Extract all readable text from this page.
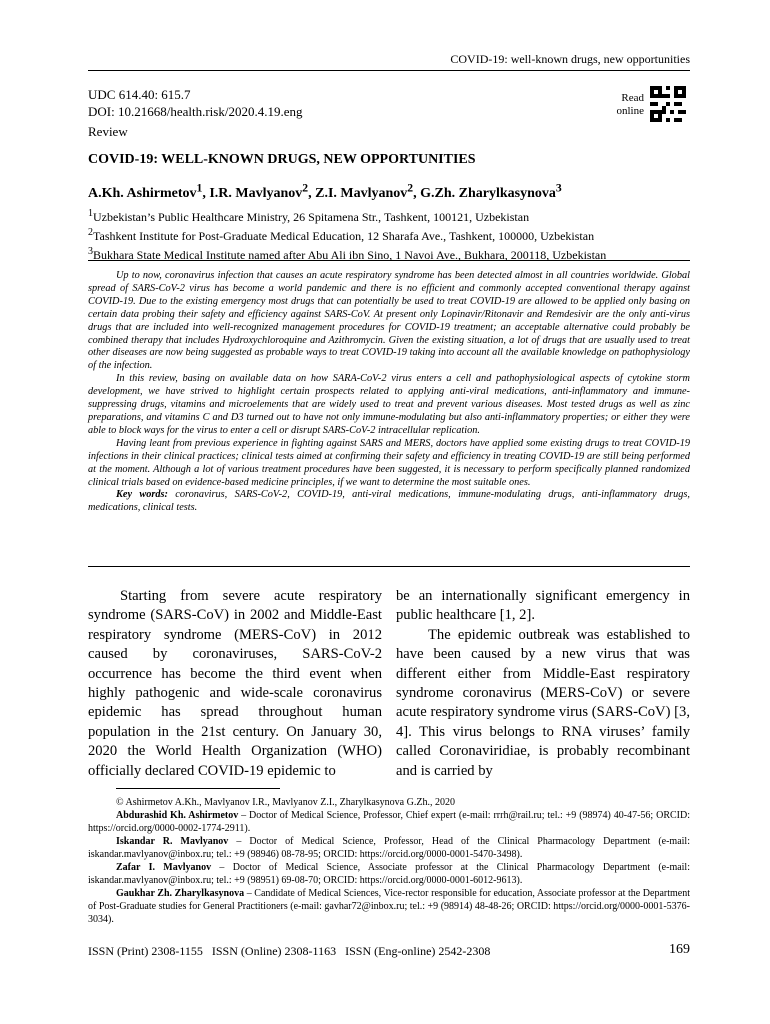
COVID-19: well-known drugs, new opportunities
UDC 614.40: 615.7
DOI: 10.21668/health.risk/2020.4.19.eng
Read online
Review
COVID-19: WELL-KNOWN DRUGS, NEW OPPORTUNITIES
A.Kh. Ashirmetov$^1$, I.R. Mavlyanov$^2$, Z.I. Mavlyanov$^2$, G.Zh. Zharylkasynova$^3$
$^1$Uzbekistan’s Public Healthcare Ministry, 26 Spitamena Str., Tashkent, 100121, Uzbekistan
$^2$Tashkent Institute for Post-Graduate Medical Education, 12 Sharafa Ave., Tashkent, 100000, Uzbekistan
$^3$Bukhara State Medical Institute named after Abu Ali ibn Sino, 1 Navoi Ave., Bukhara, 200118, Uzbekistan

Up to now, coronavirus infection that causes an acute respiratory syndrome has been detected almost in all countries worldwide. Global spread of SARS-CoV-2 virus has become a world pandemic and there is no efficient and commonly accepted conventional therapy against COVID-19. Due to the existing emergency most drugs that can potentially be used to treat COVID-19 are allowed to be applied only basing on certain data probing their safety and efficiency against SARS-CoV. At present only Lopinavir/Ritonavir and Remdesivir are the only anti-virus drugs that are included into well-recognized management procedures for COVID-19 treatment; an acceptable alternative could probably be combined therapy that includes Hydroxychloroquine and Azithromycin. Given the existing situation, a lot of drugs that are usually used to treat other diseases are now being suggested as probable ways to treat COVID-19 taking into account all the available knowledge on pathophysiology of the infection.

In this review, basing on available data on how SARA-CoV-2 virus enters a cell and pathophysiological aspects of cytokine storm development, we have strived to highlight certain prospects related to applying anti-viral medications, anti-inflammatory and immune-suppressing drugs, vitamins and microelements that are widely used to treat and prevent various diseases. Most tested drugs as well as zinc preparations, and vitamins C and D3 turned out to have not only immune-modulating but also anti-inflammatory properties; or either they were able to block ways for the virus to enter a cell or disrupt SARS-CoV-2 intracellular replication.

Having leant from previous experience in fighting against SARS and MERS, doctors have applied some existing drugs to treat COVID-19 infections in their clinical practices; clinical tests aimed at confirming their safety and efficiency in treating COVID-19 are still being performed at the moment. Although a lot of various treatment procedures have been suggested, it is necessary to perform specifically planned randomized clinical trials based on evidence-based medicine principles, if we want to determine the most suitable ones.

Key words: coronavirus, SARS-CoV-2, COVID-19, anti-viral medications, immune-modulating drugs, anti-inflammatory drugs, medications, clinical tests.

Starting from severe acute respiratory syndrome (SARS-CoV) in 2002 and Middle-East respiratory syndrome (MERS-CoV) in 2012 caused by coronaviruses, SARS-CoV-2 occurrence has become the third event when highly pathogenic and wide-scale coronavirus epidemic has spread throughout human population in the 21st century. On January 30, 2020 the World Health Organization (WHO) officially declared COVID-19 epidemic to

be an internationally significant emergency in public healthcare [1, 2].

The epidemic outbreak was established to have been caused by a new virus that was different either from Middle-East respiratory syndrome coronavirus (MERS-CoV) or severe acute respiratory syndrome virus (SARS-CoV) [3, 4]. This virus belongs to RNA viruses’ family called Coronaviridiae, is probably recombinant and is carried by

© Ashirmetov A.Kh., Mavlyanov I.R., Mavlyanov Z.I., Zharylkasynova G.Zh., 2020

Abdurashid Kh. Ashirmetov – Doctor of Medical Science, Professor, Chief expert (e-mail: rrrh@rail.ru; tel.: +9 (98974) 40-47-56; ORCID: https://orcid.org/0000-0002-1774-2911).

Iskandar R. Mavlyanov – Doctor of Medical Science, Professor, Head of the Clinical Pharmacology Department (e-mail: iskandar.mavlyanov@inbox.ru; tel.: +9 (98946) 08-78-95; ORCID: https://orcid.org/0000-0001-5470-3498).

Zafar I. Mavlyanov – Doctor of Medical Science, Associate professor at the Clinical Pharmacology Department (e-mail: iskandar.mavlyanov@inbox.ru; tel.: +9 (98951) 69-08-70; ORCID: https://orcid.org/0000-0001-6012-9613).

Gaukhar Zh. Zharylkasynova – Candidate of Medical Sciences, Vice-rector responsible for education, Associate professor at the Department of Post-Graduate studies for General Practitioners (e-mail: gavhar72@inbox.ru; tel.: +9 (98914) 48-48-26; ORCID: https://orcid.org/0000-0001-5376-3034).

ISSN (Print) 2308-1155   ISSN (Online) 2308-1163   ISSN (Eng-online) 2542-2308	169
